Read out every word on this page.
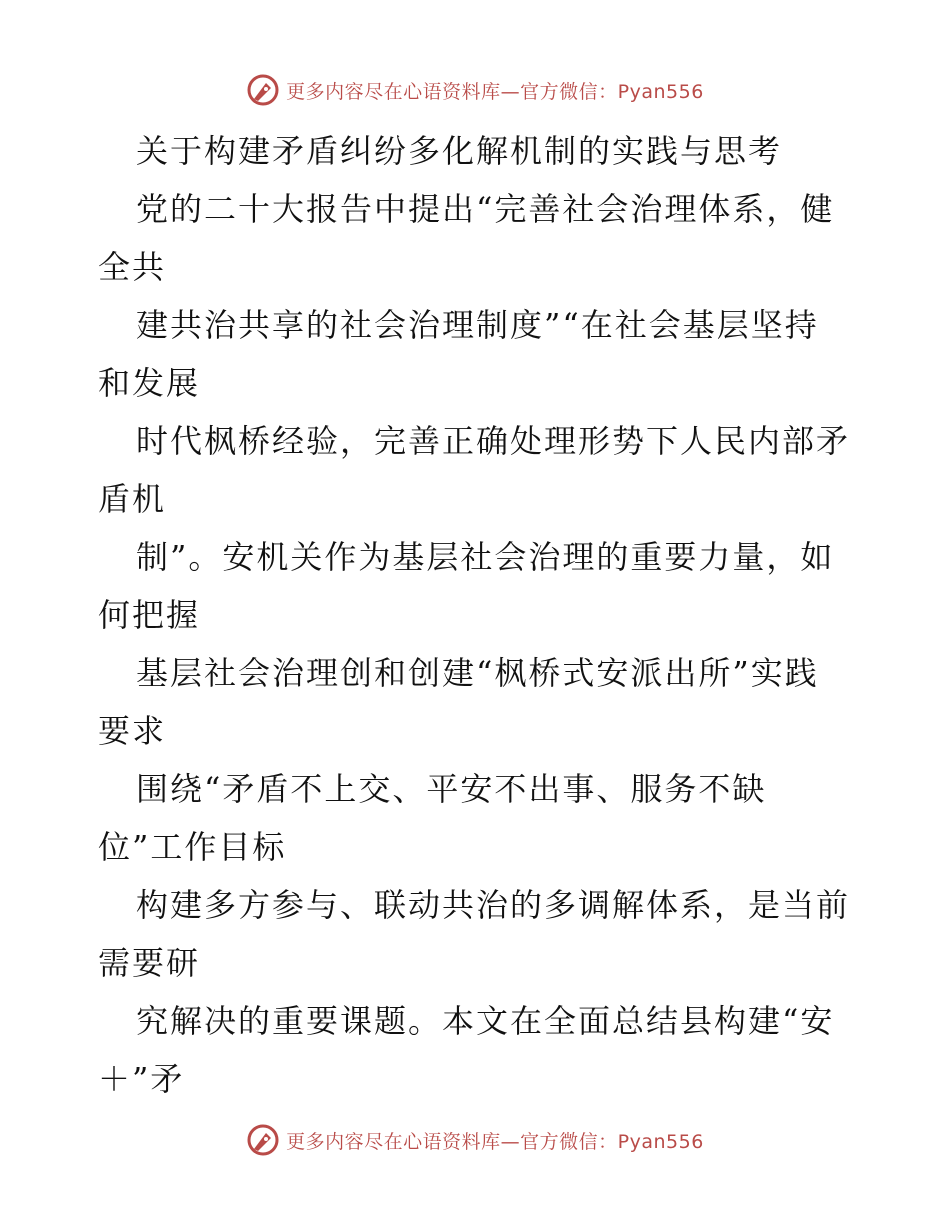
更多内容尽在心语资料库—官方微信：Pyan556
关于构建矛盾纠纷多化解机制的实践与思考
党的二十大报告中提出“完善社会治理体系，健
全共
建共治共享的社会治理制度”“在社会基层坚持
和发展
时代枫桥经验，完善正确处理形势下人民内部矛
盾机
制”。安机关作为基层社会治理的重要力量，如
何把握
基层社会治理创和创建“枫桥式安派出所”实践
要求
围绕“矛盾不上交、平安不出事、服务不缺
位”工作目标
构建多方参与、联动共治的多调解体系，是当前
需要研
究解决的重要课题。本文在全面总结县构建“安
＋”矛
更多内容尽在心语资料库—官方微信：Pyan556
